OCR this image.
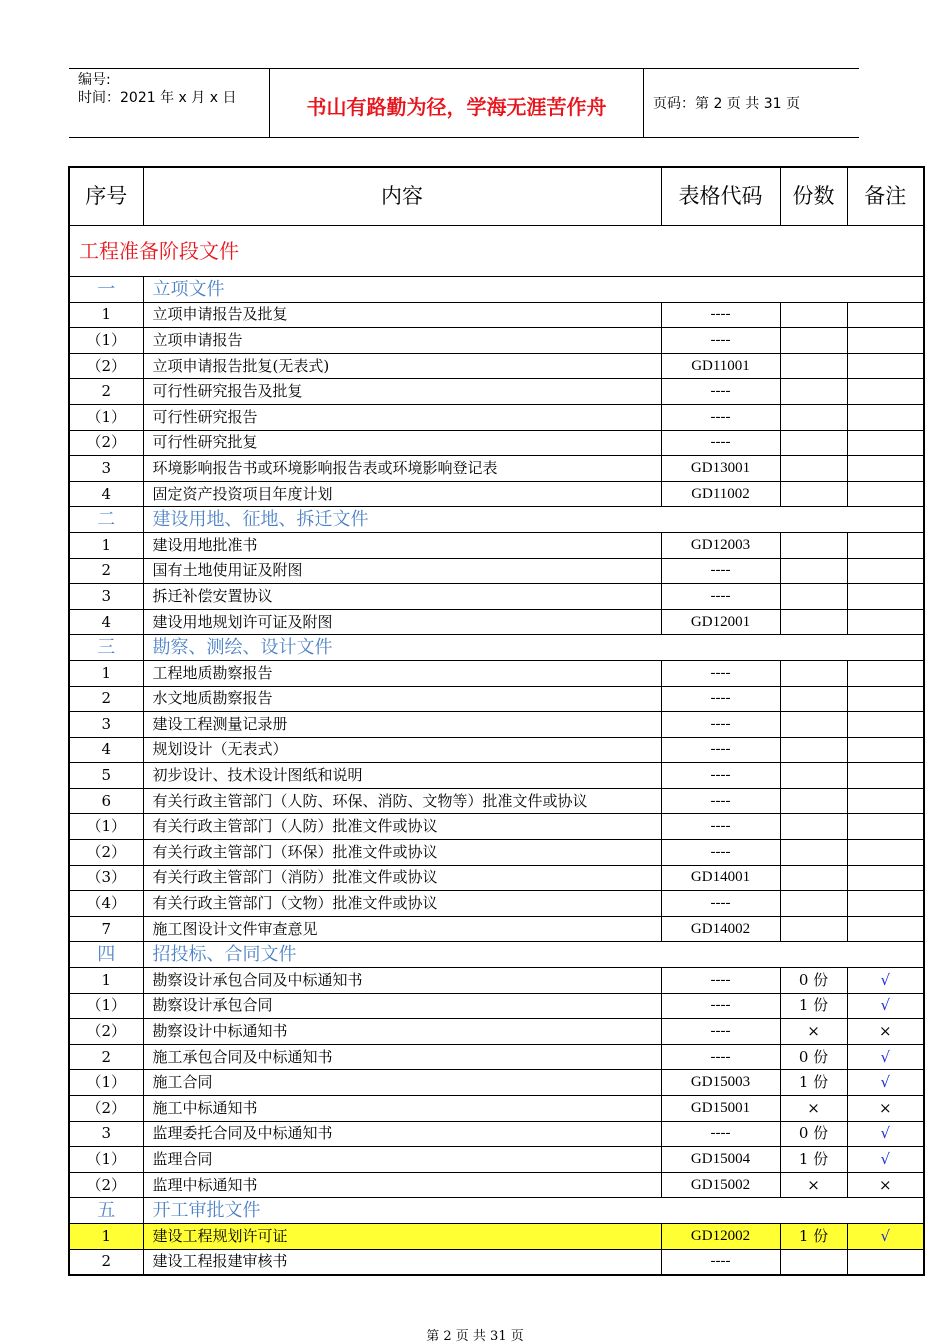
编号:
时间：2021 年 x 月 x 日	书山有路勤为径，学海无涯苦作舟	页码：第 2 页 共 31 页
序号	内容	表格代码	份数	备注
工程准备阶段文件				
一	立项文件			
1	立项申请报告及批复	----		
（1）	立项申请报告	----		
（2）	立项申请报告批复(无表式)	GD11001		
2	可行性研究报告及批复	----		
（1）	可行性研究报告	----		
（2）	可行性研究批复	----		
3	环境影响报告书或环境影响报告表或环境影响登记表	GD13001		
4	固定资产投资项目年度计划	GD11002		
二	建设用地、征地、拆迁文件			
1	建设用地批准书	GD12003		
2	国有土地使用证及附图	----		
3	拆迁补偿安置协议	----		
4	建设用地规划许可证及附图	GD12001		
三	勘察、测绘、设计文件			
1	工程地质勘察报告	----		
2	水文地质勘察报告	----		
3	建设工程测量记录册	----		
4	规划设计（无表式）	----		
5	初步设计、技术设计图纸和说明	----		
6	有关行政主管部门（人防、环保、消防、文物等）批准文件或协议	----		
（1）	有关行政主管部门（人防）批准文件或协议	----		
（2）	有关行政主管部门（环保）批准文件或协议	----		
（3）	有关行政主管部门（消防）批准文件或协议	GD14001		
（4）	有关行政主管部门（文物）批准文件或协议	----		
7	施工图设计文件审查意见	GD14002		
四	招投标、合同文件			
1	勘察设计承包合同及中标通知书	----	0 份	√
（1）	勘察设计承包合同	----	1 份	√
（2）	勘察设计中标通知书	----	×	×
2	施工承包合同及中标通知书	----	0 份	√
（1）	施工合同	GD15003	1 份	√
（2）	施工中标通知书	GD15001	×	×
3	监理委托合同及中标通知书	----	0 份	√
（1）	监理合同	GD15004	1 份	√
（2）	监理中标通知书	GD15002	×	×
五	开工审批文件			
1	建设工程规划许可证	GD12002	1 份	√
2	建设工程报建审核书	----		
第 2 页 共 31 页
